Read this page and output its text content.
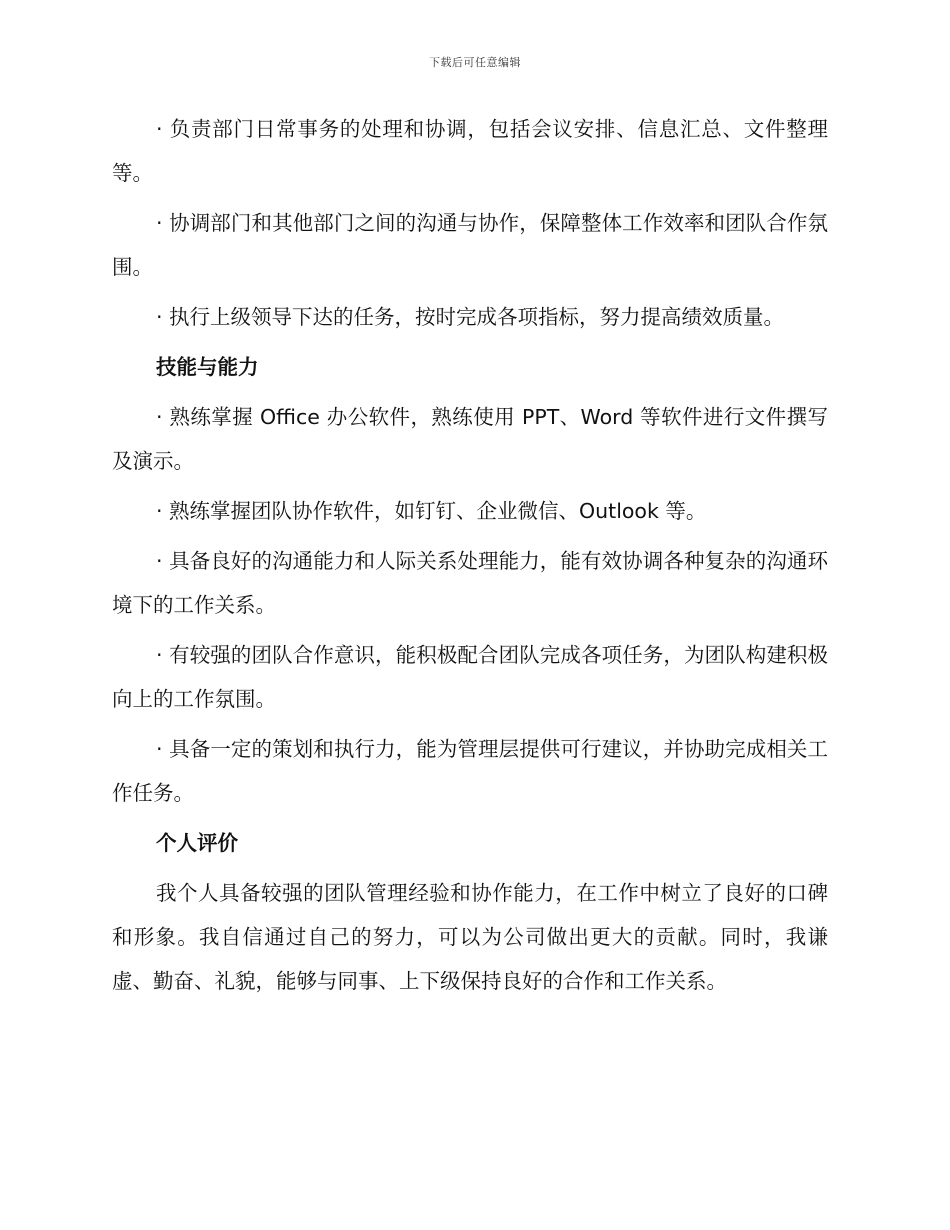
下载后可任意编辑

· 负责部门日常事务的处理和协调，包括会议安排、信息汇总、文件整理等。

· 协调部门和其他部门之间的沟通与协作，保障整体工作效率和团队合作氛围。

· 执行上级领导下达的任务，按时完成各项指标，努力提高绩效质量。

技能与能力

· 熟练掌握 Office 办公软件，熟练使用 PPT、Word 等软件进行文件撰写及演示。

· 熟练掌握团队协作软件，如钉钉、企业微信、Outlook 等。

· 具备良好的沟通能力和人际关系处理能力，能有效协调各种复杂的沟通环境下的工作关系。

· 有较强的团队合作意识，能积极配合团队完成各项任务，为团队构建积极向上的工作氛围。

· 具备一定的策划和执行力，能为管理层提供可行建议，并协助完成相关工作任务。

个人评价

我个人具备较强的团队管理经验和协作能力，在工作中树立了良好的口碑和形象。我自信通过自己的努力，可以为公司做出更大的贡献。同时，我谦虚、勤奋、礼貌，能够与同事、上下级保持良好的合作和工作关系。
